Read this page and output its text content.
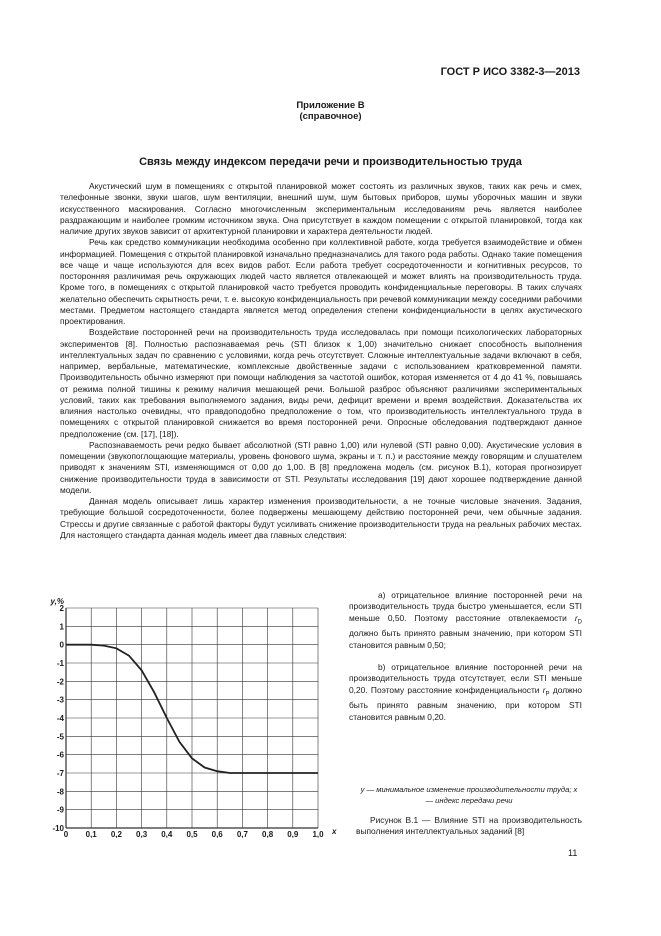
ГОСТ Р ИСО 3382-3—2013
Приложение В
(справочное)
Связь между индексом передачи речи и производительностью труда

Акустический шум в помещениях с открытой планировкой может состоять из различных звуков, таких как речь и смех, телефонные звонки, звуки шагов, шум вентиляции, внешний шум, шум бытовых приборов, шумы уборочных машин и звуки искусственного маскирования. Согласно многочисленным экспериментальным исследованиям речь является наиболее раздражающим и наиболее громким источником звука. Она присутствует в каждом помещении с открытой планировкой, тогда как наличие других звуков зависит от архитектурной планировки и характера деятельности людей.

Речь как средство коммуникации необходима особенно при коллективной работе, когда требуется взаимодействие и обмен информацией. Помещения с открытой планировкой изначально предназначались для такого рода работы. Однако такие помещения все чаще и чаще используются для всех видов работ. Если работа требует сосредоточенности и когнитивных ресурсов, то посторонняя различимая речь окружающих людей часто является отвлекающей и может влиять на производительность труда. Кроме того, в помещениях с открытой планировкой часто требуется проводить конфиденциальные переговоры. В таких случаях желательно обеспечить скрытность речи, т. е. высокую конфиденциальность при речевой коммуникации между соседними рабочими местами. Предметом настоящего стандарта является метод определения степени конфиденциальности в целях акустического проектирования.

Воздействие посторонней речи на производительность труда исследовалась при помощи психологических лабораторных экспериментов [8]. Полностью распознаваемая речь (STI близок к 1,00) значительно снижает способность выполнения интеллектуальных задач по сравнению с условиями, когда речь отсутствует. Сложные интеллектуальные задачи включают в себя, например, вербальные, математические, комплексные двойственные задачи с использованием кратковременной памяти. Производительность обычно измеряют при помощи наблюдения за частотой ошибок, которая изменяется от 4 до 41 %, повышаясь от режима полной тишины к режиму наличия мешающей речи. Большой разброс объясняют различиями экспериментальных условий, таких как требования выполняемого задания, виды речи, дефицит времени и время воздействия. Доказательства их влияния настолько очевидны, что правдоподобно предположение о том, что производительность интеллектуального труда в помещениях с открытой планировкой снижается во время посторонней речи. Опросные обследования подтверждают данное предположение (см. [17], [18]).

Распознаваемость речи редко бывает абсолютной (STI равно 1,00) или нулевой (STI равно 0,00). Акустические условия в помещении (звукопоглощающие материалы, уровень фонового шума, экраны и т. п.) и расстояние между говорящим и слушателем приводят к значениям STI, изменяющимся от 0,00 до 1,00. В [8] предложена модель (см. рисунок В.1), которая прогнозирует снижение производительности труда в зависимости от STI. Результаты исследования [19] дают хорошее подтверждение данной модели.

Данная модель описывает лишь характер изменения производительности, а не точные числовые значения. Задания, требующие большой сосредоточенности, более подвержены мешающему действию посторонней речи, чем обычные задания. Стрессы и другие связанные с работой факторы будут усиливать снижение производительности труда на реальных рабочих местах. Для настоящего стандарта данная модель имеет два главных следствия:

0 0,1 0,2 0,3 0,4 0,5 0,6 0,7 0,8 0,9 1,0
2
1
0
-1
-2
-3
-4
-5
-6
-7
-8
-9
-10
y,%
x

а) отрицательное влияние посторонней речи на производительность труда быстро уменьшается, если STI меньше 0,50. Поэтому расстояние отвлекаемости $r_D$ должно быть принято равным значению, при котором STI становится равным 0,50;

b) отрицательное влияние посторонней речи на производительность труда отсутствует, если STI меньше 0,20. Поэтому расстояние конфиденциальности $r_P$ должно быть принято равным значению, при котором STI становится равным 0,20.

y — минимальное изменение производительности труда; x — индекс передачи речи

Рисунок В.1 — Влияние STI на производительность выполнения интеллектуальных заданий [8]

11
